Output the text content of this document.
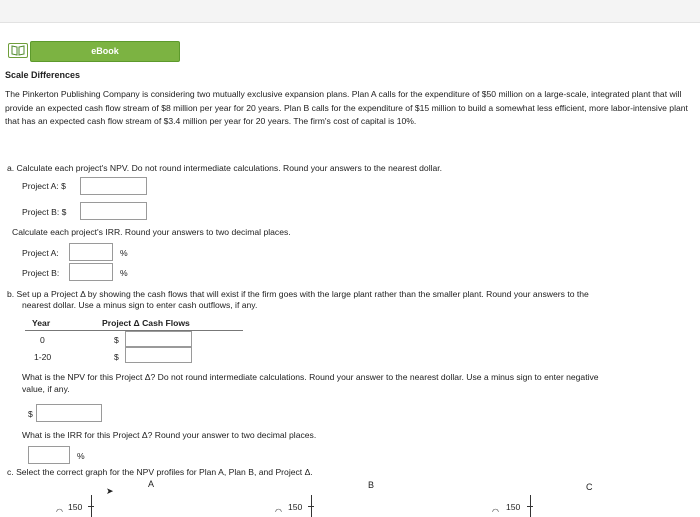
eBook
Scale Differences
The Pinkerton Publishing Company is considering two mutually exclusive expansion plans. Plan A calls for the expenditure of $50 million on a large-scale, integrated plant that will provide an expected cash flow stream of $8 million per year for 20 years. Plan B calls for the expenditure of $15 million to build a somewhat less efficient, more labor-intensive plant that has an expected cash flow stream of $3.4 million per year for 20 years. The firm's cost of capital is 10%.
a. Calculate each project's NPV. Do not round intermediate calculations. Round your answers to the nearest dollar.
Project A: $
Project B: $
Calculate each project's IRR. Round your answers to two decimal places.
Project A:	%
Project B:	%
b. Set up a Project Δ by showing the cash flows that will exist if the firm goes with the large plant rather than the smaller plant. Round your answers to the
nearest dollar. Use a minus sign to enter cash outflows, if any.
Year	Project Δ Cash Flows
0	$
1-20	$
What is the NPV for this Project Δ? Do not round intermediate calculations. Round your answer to the nearest dollar. Use a minus sign to enter negative
value, if any.
$
What is the IRR for this Project Δ? Round your answer to two decimal places.
%
c. Select the correct graph for the NPV profiles for Plan A, Plan B, and Project Δ.
A	B	C
150
◠
➤
150
◠	150
◠
